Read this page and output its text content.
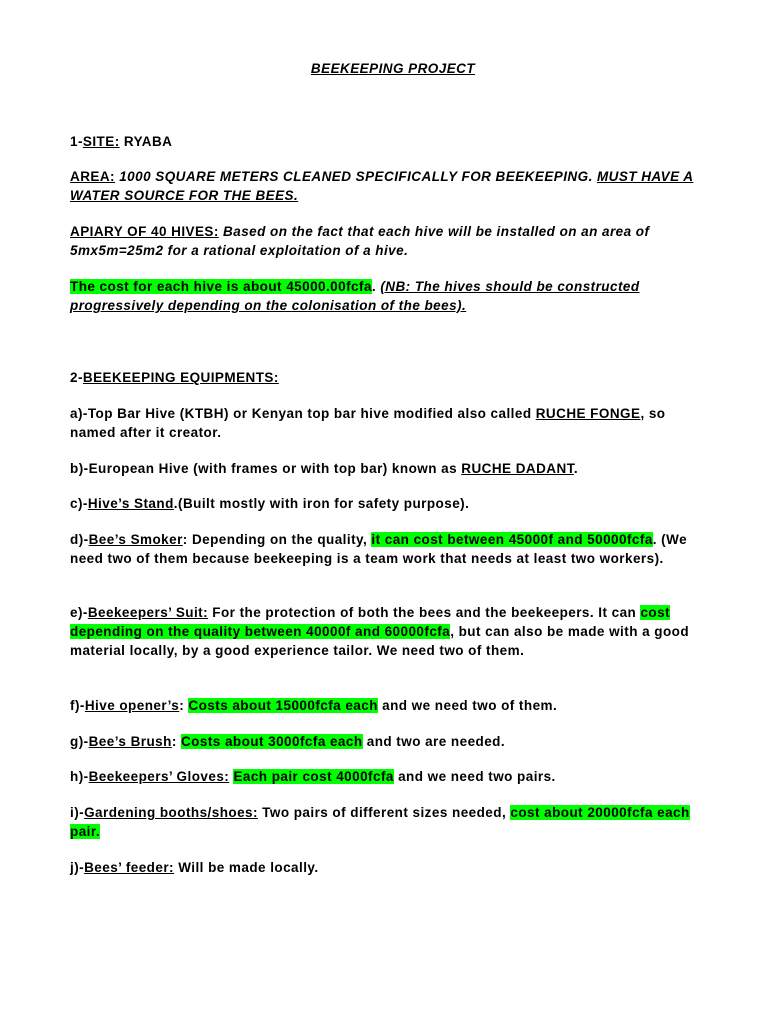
BEEKEEPING PROJECT

1-SITE: RYABA

AREA: 1000 SQUARE METERS CLEANED SPECIFICALLY FOR BEEKEEPING. MUST HAVE A WATER SOURCE FOR THE BEES.

APIARY OF 40 HIVES: Based on the fact that each hive will be installed on an area of 5mx5m=25m2 for a rational exploitation of a hive.

The cost for each hive is about 45000.00fcfa. (NB: The hives should be constructed progressively depending on the colonisation of the bees).

2-BEEKEEPING EQUIPMENTS:

a)-Top Bar Hive (KTBH) or Kenyan top bar hive modified also called RUCHE FONGE, so named after it creator.

b)-European Hive (with frames or with top bar) known as RUCHE DADANT.

c)-Hive’s Stand.(Built mostly with iron for safety purpose).

d)-Bee’s Smoker: Depending on the quality, it can cost between 45000f and 50000fcfa. (We need two of them because beekeeping is a team work that needs at least two workers).

e)-Beekeepers’ Suit: For the protection of both the bees and the beekeepers. It can cost depending on the quality between 40000f and 60000fcfa, but can also be made with a good material locally, by a good experience tailor. We need two of them.

f)-Hive opener’s: Costs about 15000fcfa each and we need two of them.

g)-Bee’s Brush: Costs about 3000fcfa each and two are needed.

h)-Beekeepers’ Gloves: Each pair cost 4000fcfa and we need two pairs.

i)-Gardening booths/shoes: Two pairs of different sizes needed, cost about 20000fcfa each pair.

j)-Bees’ feeder: Will be made locally.
